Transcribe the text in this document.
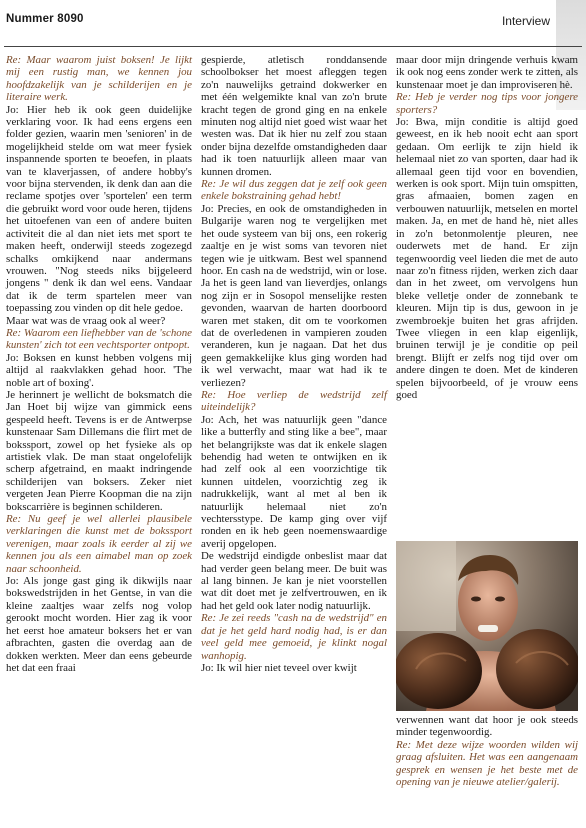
Nummer 8090	Interview

Re: Maar waarom juist boksen! Je lijkt mij een rustig man, we kennen jou hoofdzakelijk van je schilderijen en je literaire werk.

Jo: Hier heb ik ook geen duidelijke verklaring voor. Ik had eens ergens een folder gezien, waarin men 'senioren' in de mogelijkheid stelde om wat meer fysiek inspannende sporten te beoefen, in plaats van te klaverjassen, of andere hobby's voor bijna stervenden, ik denk dan aan die reclame spotjes over 'sportelen' een term die gebruikt word voor oude heren, tijdens het uitoefenen van een of andere buiten activiteit die al dan niet iets met sport te maken heeft, onderwijl steeds zogezegd schalks omkijkend naar andermans vrouwen. "Nog steeds niks bijgeleerd jongens " denk ik dan wel eens. Vandaar dat ik de term spartelen meer van toepassing zou vinden op dit hele gedoe.

Maar wat was de vraag ook al weer?

Re: Waarom een liefhebber van de 'schone kunsten' zich tot een vechtsporter ontpopt.

Jo: Boksen en kunst hebben volgens mij altijd al raakvlakken gehad hoor. 'The noble art of boxing'.

Je herinnert je wellicht de boksmatch die Jan Hoet bij wijze van gimmick eens gespeeld heeft. Tevens is er de Antwerpse kunstenaar Sam Dillemans die flirt met de bokssport, zowel op het fysieke als op artistiek vlak. De man staat ongelofelijk scherp afgetraind, en maakt indringende schilderijen van boksers. Zeker niet vergeten Jean Pierre Koopman die na zijn bokscarrière is beginnen schilderen.

Re: Nu geef je wel allerlei plausibele verklaringen die kunst met de bokssport verenigen, maar zoals ik eerder al zij we kennen jou als een aimabel man op zoek naar schoonheid.

Jo: Als jonge gast ging ik dikwijls naar bokswedstrijden in het Gentse, in van die kleine zaaltjes waar zelfs nog volop gerookt mocht worden. Hier zag ik voor het eerst hoe amateur boksers het er van afbrachten, gasten die overdag aan de dokken werkten. Meer dan eens gebeurde het dat een fraai

gespierde, atletisch ronddansende schoolbokser het moest afleggen tegen zo'n nauwelijks getraind dokwerker en met één welgemikte knal van zo'n brute kracht tegen de grond ging en na enkele minuten nog altijd niet goed wist waar het westen was. Dat ik hier nu zelf zou staan onder bijna dezelfde omstandigheden daar had ik toen natuurlijk alleen maar van kunnen dromen.

Re: Je wil dus zeggen dat je zelf ook geen enkele bokstraining gehad hebt!

Jo: Precies, en ook de omstandigheden in Bulgarije waren nog te vergelijken met het oude systeem van bij ons, een rokerig zaaltje en je wist soms van tevoren niet tegen wie je uitkwam. Best wel spannend hoor. En cash na de wedstrijd, win or lose. Ja het is geen land van lieverdjes, onlangs nog zijn er in Sosopol menselijke resten gevonden, waarvan de harten doorboord waren met staken, dit om te voorkomen dat de overledenen in vampieren zouden veranderen, kun je nagaan. Dat het dus geen gemakkelijke klus ging worden had ik wel verwacht, maar wat had ik te verliezen?

Re: Hoe verliep de wedstrijd zelf uiteindelijk?

Jo: Ach, het was natuurlijk geen "dance like a butterfly and sting like a bee", maar het belangrijkste was dat ik enkele slagen behendig had weten te ontwijken en ik had zelf ook al een voorzichtige tik kunnen uitdelen, voorzichtig zeg ik nadrukkelijk, want al met al ben ik natuurlijk helemaal niet zo'n vechtersstype. De kamp ging over vijf ronden en ik heb geen noemenswaardige averij opgelopen.

De wedstrijd eindigde onbeslist maar dat had verder geen belang meer. De buit was al lang binnen. Je kan je niet voorstellen wat dit doet met je zelfvertrouwen, en ik had het geld ook later nodig natuurlijk.

Re: Je zei reeds "cash na de wedstrijd" en dat je het geld hard nodig had, is er dan veel geld mee gemoeid, je klinkt nogal wanhopig.

Jo: Ik wil hier niet teveel over kwijt

maar door mijn dringende verhuis kwam ik ook nog eens zonder werk te zitten, als kunstenaar moet je dan improviseren hè.

Re: Heb je verder nog tips voor jongere sporters?

Jo: Bwa, mijn conditie is altijd goed geweest, en ik heb nooit echt aan sport gedaan. Om eerlijk te zijn hield ik helemaal niet zo van sporten, daar had ik allemaal geen tijd voor en bovendien, werken is ook sport. Mijn tuin omspitten, gras afmaaien, bomen zagen en verbouwen natuurlijk, metselen en mortel maken. Ja, en met de hand hè, niet alles in zo'n betonmolentje pleuren, nee ouderwets met de hand. Er zijn tegenwoordig veel lieden die met de auto naar zo'n fitness rijden, werken zich daar dan in het zweet, om vervolgens hun bleke velletje onder de zonnebank te kleuren. Mijn tip is dus, gewoon in je zwembroekje buiten het gras afrijden. Twee vliegen in een klap eigenlijk, bruinen terwijl je je conditie op peil brengt. Blijft er zelfs nog tijd over om andere dingen te doen. Met de kinderen spelen bijvoorbeeld, of je vrouw eens goed

verwennen want dat hoor je ook steeds minder tegenwoordig.

Re: Met deze wijze woorden wilden wij graag afsluiten. Het was een aangenaam gesprek en wensen je het beste met de opening van je nieuwe atelier/galerij.
